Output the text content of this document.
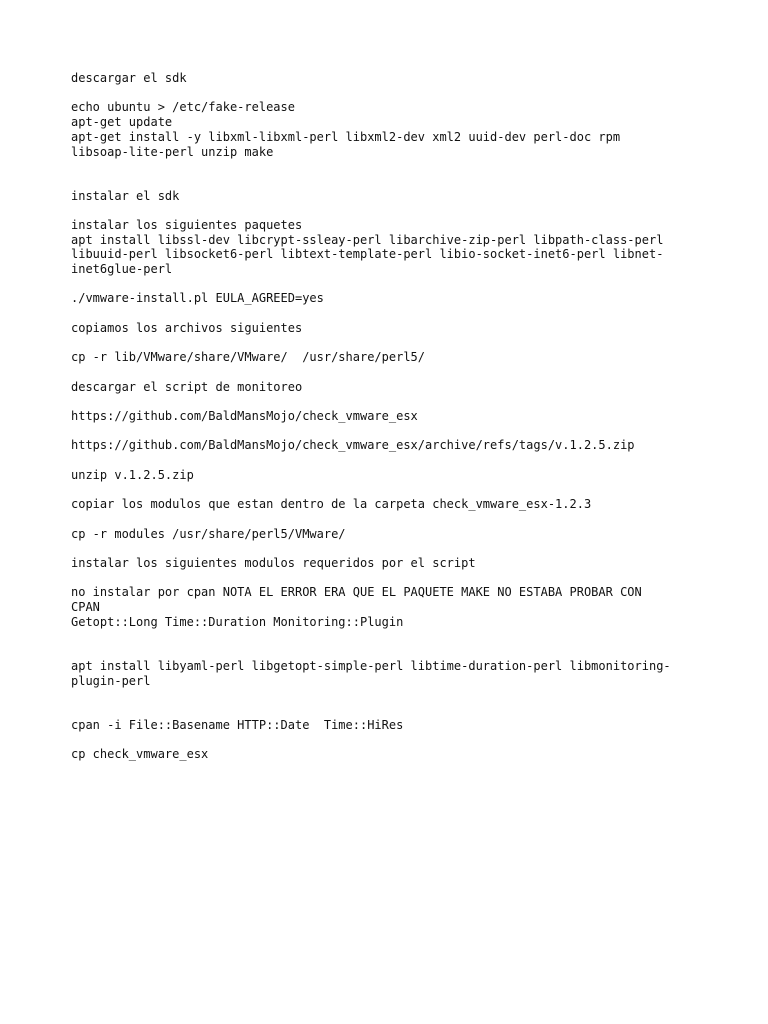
descargar el sdk
echo ubuntu > /etc/fake-release
apt-get update
apt-get install -y libxml-libxml-perl libxml2-dev xml2 uuid-dev perl-doc rpm
libsoap-lite-perl unzip make
instalar el sdk
instalar los siguientes paquetes
apt install libssl-dev libcrypt-ssleay-perl libarchive-zip-perl libpath-class-perl
libuuid-perl libsocket6-perl libtext-template-perl libio-socket-inet6-perl libnet-
inet6glue-perl
./vmware-install.pl EULA_AGREED=yes
copiamos los archivos siguientes
cp -r lib/VMware/share/VMware/  /usr/share/perl5/
descargar el script de monitoreo
https://github.com/BaldMansMojo/check_vmware_esx
https://github.com/BaldMansMojo/check_vmware_esx/archive/refs/tags/v.1.2.5.zip
unzip v.1.2.5.zip
copiar los modulos que estan dentro de la carpeta check_vmware_esx-1.2.3
cp -r modules /usr/share/perl5/VMware/
instalar los siguientes modulos requeridos por el script
no instalar por cpan NOTA EL ERROR ERA QUE EL PAQUETE MAKE NO ESTABA PROBAR CON
CPAN
Getopt::Long Time::Duration Monitoring::Plugin
apt install libyaml-perl libgetopt-simple-perl libtime-duration-perl libmonitoring-
plugin-perl
cpan -i File::Basename HTTP::Date  Time::HiRes
cp check_vmware_esx
